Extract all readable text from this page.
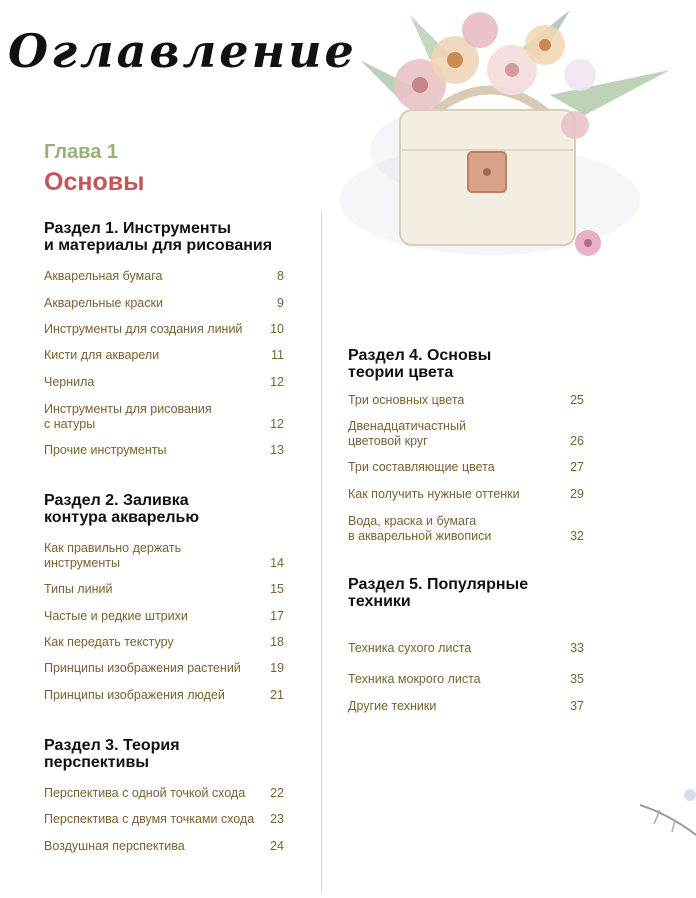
Оглавление
Глава 1
Основы
Раздел 1. Инструменты
и материалы для рисования
Акварельная бумага	8
Акварельные краски	9
Инструменты для создания линий 10
Кисти для акварели	11
Чернила	12
Инструменты для рисования
с натуры	12
Прочие инструменты	13
Раздел 2. Заливка
контура акварелью
Как правильно держать
инструменты	14
Типы линий	15
Частые и редкие штрихи	17
Как передать текстуру	18
Принципы изображения растений 19
Принципы изображения людей	21
Раздел 3. Теория
перспективы
Перспектива с одной точкой схода 22
Перспектива с двумя точками схода 23
Воздушная перспектива	24
Раздел 4. Основы
теории цвета
Три основных цвета	25
Двенадцатичастный
цветовой круг	26
Три составляющие цвета	27
Как получить нужные оттенки	29
Вода, краска и бумага
в акварельной живописи	32
Раздел 5. Популярные
техники
Техника сухого листа	33
Техника мокрого листа	35
Другие техники	37
